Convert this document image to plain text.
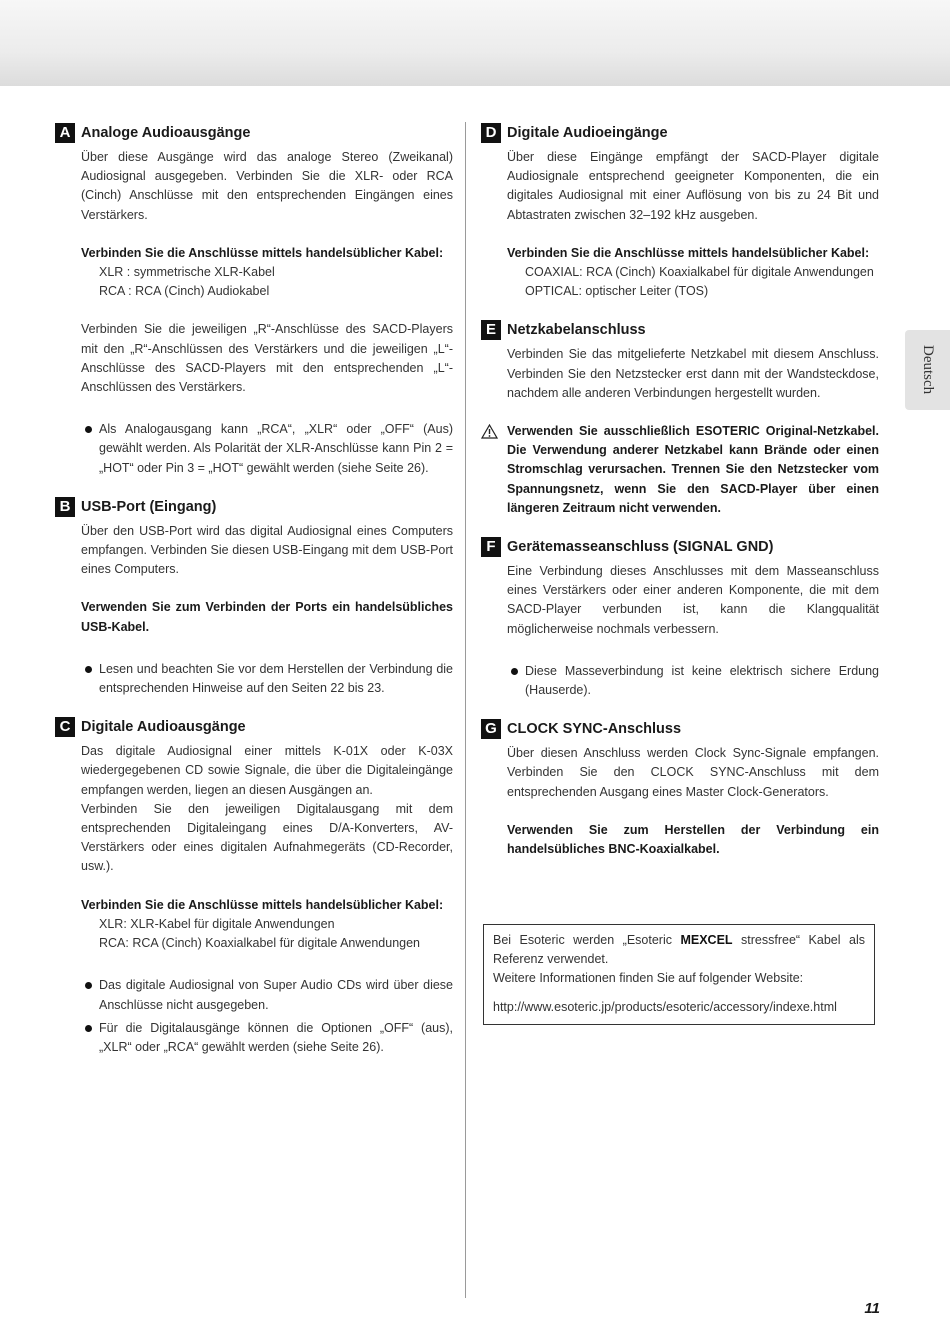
Deutsch
A Analoge Audioausgänge

Über diese Ausgänge wird das analoge Stereo (Zweikanal) Audiosignal ausgegeben. Verbinden Sie die XLR- oder RCA (Cinch) Anschlüsse mit den entsprechenden Eingängen eines Verstärkers.

Verbinden Sie die Anschlüsse mittels handelsüblicher Kabel:

XLR : symmetrische XLR-Kabel

RCA : RCA (Cinch) Audiokabel

Verbinden Sie die jeweiligen „R“-Anschlüsse des SACD-Players mit den „R“-Anschlüssen des Verstärkers und die jeweiligen „L“-Anschlüsse des SACD-Players mit den entsprechenden „L“-Anschlüssen des Verstärkers.

Als Analogausgang kann „RCA“, „XLR“ oder „OFF“ (Aus) gewählt werden. Als Polarität der XLR-Anschlüsse kann Pin 2 = „HOT“ oder Pin 3 = „HOT“ gewählt werden (siehe Seite 26).

B USB-Port (Eingang)

Über den USB-Port wird das digital Audiosignal eines Computers empfangen. Verbinden Sie diesen USB-Eingang mit dem USB-Port eines Computers.

Verwenden Sie zum Verbinden der Ports ein handelsübliches USB-Kabel.

Lesen und beachten Sie vor dem Herstellen der Verbindung die entsprechenden Hinweise auf den Seiten 22 bis 23.

C Digitale Audioausgänge

Das digitale Audiosignal einer mittels K-01X oder K-03X wiedergegebenen CD sowie Signale, die über die Digitaleingänge empfangen werden, liegen an diesen Ausgängen an.

Verbinden Sie den jeweiligen Digitalausgang mit dem entsprechenden Digitaleingang eines D/A-Konverters, AV-Verstärkers oder eines digitalen Aufnahmegeräts (CD-Recorder, usw.).

Verbinden Sie die Anschlüsse mittels handelsüblicher Kabel:

XLR: XLR-Kabel für digitale Anwendungen

RCA: RCA (Cinch) Koaxialkabel für digitale Anwendungen

Das digitale Audiosignal von Super Audio CDs wird über diese Anschlüsse nicht ausgegeben.

Für die Digitalausgänge können die Optionen „OFF“ (aus), „XLR“ oder „RCA“ gewählt werden (siehe Seite 26).

D Digitale Audioeingänge

Über diese Eingänge empfängt der SACD-Player digitale Audiosignale entsprechend geeigneter Komponenten, die ein digitales Audiosignal mit einer Auflösung von bis zu 24 Bit und Abtastraten zwischen 32–192 kHz ausgeben.

Verbinden Sie die Anschlüsse mittels handelsüblicher Kabel:

COAXIAL: RCA (Cinch) Koaxialkabel für digitale Anwendungen

OPTICAL: optischer Leiter (TOS)

E Netzkabelanschluss

Verbinden Sie das mitgelieferte Netzkabel mit diesem Anschluss. Verbinden Sie den Netzstecker erst dann mit der Wandsteckdose, nachdem alle anderen Verbindungen hergestellt wurden.

Verwenden Sie ausschließlich ESOTERIC Original-Netzkabel. Die Verwendung anderer Netzkabel kann Brände oder einen Stromschlag verursachen. Trennen Sie den Netzstecker vom Spannungsnetz, wenn Sie den SACD-Player über einen längeren Zeitraum nicht verwenden.

F Gerätemasseanschluss (SIGNAL GND)

Eine Verbindung dieses Anschlusses mit dem Masseanschluss eines Verstärkers oder einer anderen Komponente, die mit dem SACD-Player verbunden ist, kann die Klangqualität möglicherweise nochmals verbessern.

Diese Masseverbindung ist keine elektrisch sichere Erdung (Hauserde).

G CLOCK SYNC-Anschluss

Über diesen Anschluss werden Clock Sync-Signale empfangen. Verbinden Sie den CLOCK SYNC-Anschluss mit dem entsprechenden Ausgang eines Master Clock-Generators.

Verwenden Sie zum Herstellen der Verbindung ein handelsübliches BNC-Koaxialkabel.

Bei Esoteric werden „Esoteric MEXCEL stressfree“ Kabel als Referenz verwendet.

Weitere Informationen finden Sie auf folgender Website:

http://www.esoteric.jp/products/esoteric/accessory/indexe.html

11
